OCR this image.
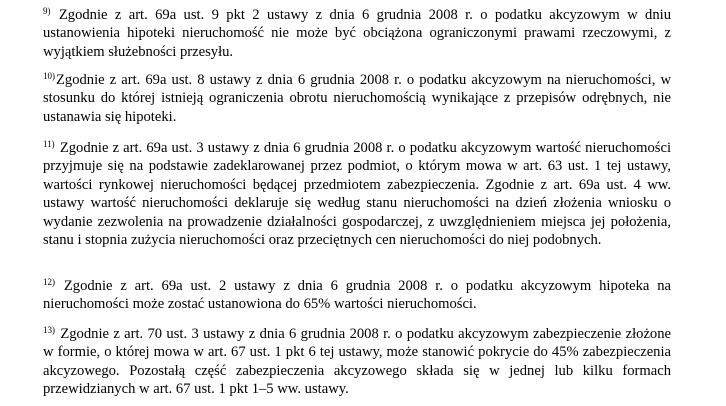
$^{9)}$ Zgodnie z art. 69a ust. 9 pkt 2 ustawy z dnia 6 grudnia 2008 r. o podatku akcyzowym w dniu ustanowienia hipoteki nieruchomość nie może być obciążona ograniczonymi prawami rzeczowymi, z wyjątkiem służebności przesyłu.

$^{10)}$Zgodnie z art. 69a ust. 8 ustawy z dnia 6 grudnia 2008 r. o podatku akcyzowym na nieruchomości, w stosunku do której istnieją ograniczenia obrotu nieruchomością wynikające z przepisów odrębnych, nie ustanawia się hipoteki.

$^{11)}$ Zgodnie z art. 69a ust. 3 ustawy z dnia 6 grudnia 2008 r. o podatku akcyzowym wartość nieruchomości przyjmuje się na podstawie zadeklarowanej przez podmiot, o którym mowa w art. 63 ust. 1 tej ustawy, wartości rynkowej nieruchomości będącej przedmiotem zabezpieczenia. Zgodnie z art. 69a ust. 4 ww. ustawy wartość nieruchomości deklaruje się według stanu nieruchomości na dzień złożenia wniosku o wydanie zezwolenia na prowadzenie działalności gospodarczej, z uwzględnieniem miejsca jej położenia, stanu i stopnia zużycia nieruchomości oraz przeciętnych cen nieruchomości do niej podobnych.

$^{12)}$ Zgodnie z art. 69a ust. 2 ustawy z dnia 6 grudnia 2008 r. o podatku akcyzowym hipoteka na nieruchomości może zostać ustanowiona do 65% wartości nieruchomości.

$^{13)}$ Zgodnie z art. 70 ust. 3 ustawy z dnia 6 grudnia 2008 r. o podatku akcyzowym zabezpieczenie złożone w formie, o której mowa w art. 67 ust. 1 pkt 6 tej ustawy, może stanowić pokrycie do 45% zabezpieczenia akcyzowego. Pozostałą część zabezpieczenia akcyzowego składa się w jednej lub kilku formach przewidzianych w art. 67 ust. 1 pkt 1–5 ww. ustawy.
